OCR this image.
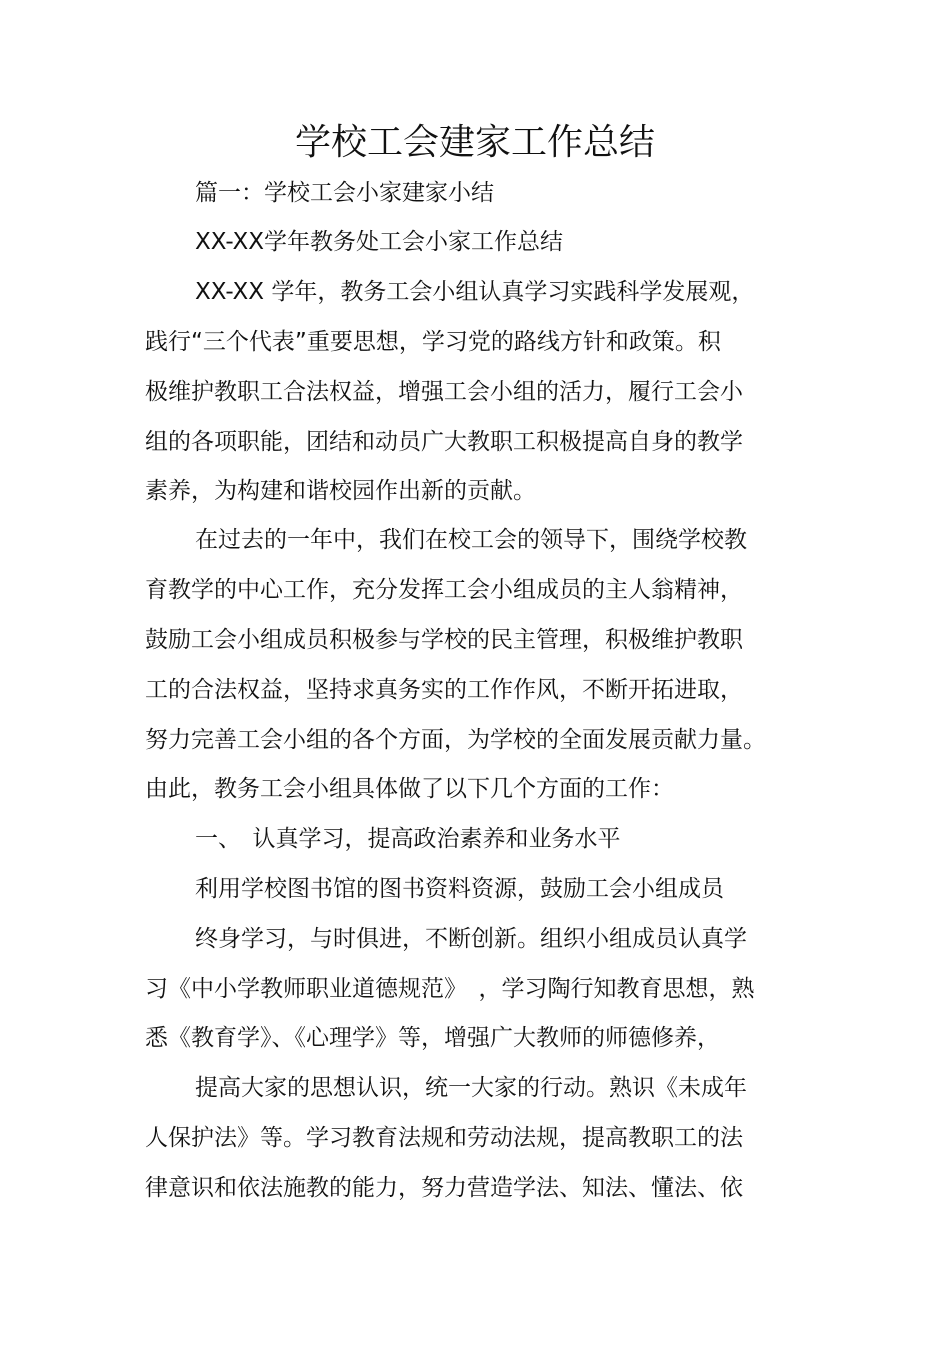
学校工会建家工作总结
篇一：学校工会小家建家小结
XX-XX学年教务处工会小家工作总结
XX-XX 学年，教务工会小组认真学习实践科学发展观，
践行“三个代表”重要思想，学习党的路线方针和政策。积
极维护教职工合法权益，增强工会小组的活力，履行工会小
组的各项职能，团结和动员广大教职工积极提高自身的教学
素养，为构建和谐校园作出新的贡献。
在过去的一年中，我们在校工会的领导下，围绕学校教
育教学的中心工作，充分发挥工会小组成员的主人翁精神，
鼓励工会小组成员积极参与学校的民主管理，积极维护教职
工的合法权益，坚持求真务实的工作作风，不断开拓进取，
努力完善工会小组的各个方面，为学校的全面发展贡献力量。
由此，教务工会小组具体做了以下几个方面的工作：
一、　认真学习，提高政治素养和业务水平
利用学校图书馆的图书资料资源，鼓励工会小组成员
终身学习，与时俱进，不断创新。组织小组成员认真学
习《中小学教师职业道德规范》　，学习陶行知教育思想，熟
悉《教育学》、《心理学》等，增强广大教师的师德修养，
提高大家的思想认识，统一大家的行动。熟识《未成年
人保护法》等。学习教育法规和劳动法规，提高教职工的法
律意识和依法施教的能力，努力营造学法、知法、懂法、依
